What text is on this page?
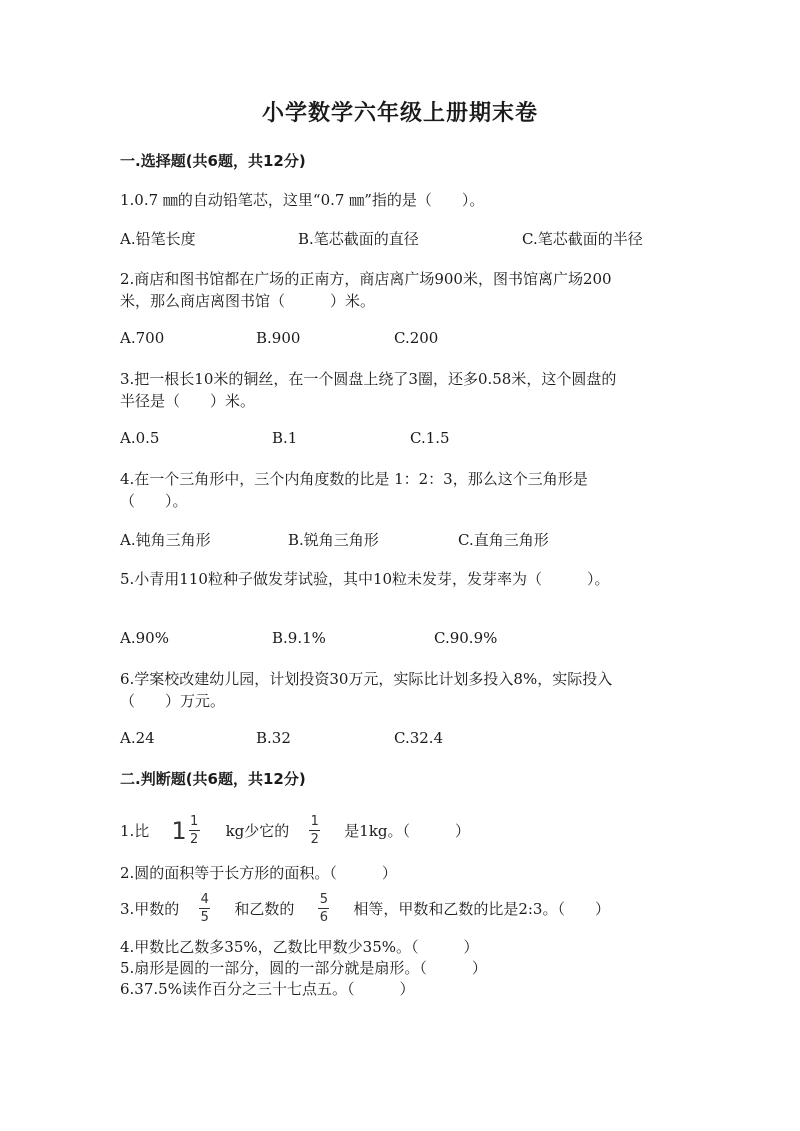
小学数学六年级上册期末卷
一.选择题(共6题，共12分)
1.0.7 ㎜的自动铅笔芯，这里“0.7 ㎜”指的是（　　）。
A.铅笔长度	B.笔芯截面的直径	C.笔芯截面的半径
2.商店和图书馆都在广场的正南方，商店离广场900米，图书馆离广场200
米，那么商店离图书馆（　　　）米。
A.700	B.900	C.200
3.把一根长10米的铜丝，在一个圆盘上绕了3圈，还多0.58米，这个圆盘的
半径是（　　）米。
A.0.5	B.1	C.1.5
4.在一个三角形中，三个内角度数的比是 1：2：3，那么这个三角形是
（　　）。
A.钝角三角形	B.锐角三角形	C.直角三角形
5.小青用110粒种子做发芽试验，其中10粒未发芽，发芽率为（　　　）。
A.90%	B.9.1%	C.90.9%
6.学案校改建幼儿园，计划投资30万元，实际比计划多投入8%，实际投入
（　　）万元。
A.24	B.32	C.32.4
二.判断题(共6题，共12分)
1.比 $1 \frac{1}{2}$ kg少它的 $\frac{1}{2}$ 是1kg。（　　　）
2.圆的面积等于长方形的面积。（　　　）
3.甲数的 $\frac{4}{5}$ 和乙数的 $\frac{5}{6}$ 相等，甲数和乙数的比是2:3。（　　）
4.甲数比乙数多35%，乙数比甲数少35%。（　　　）
5.扇形是圆的一部分，圆的一部分就是扇形。（　　　）
6.37.5%读作百分之三十七点五。（　　　）
